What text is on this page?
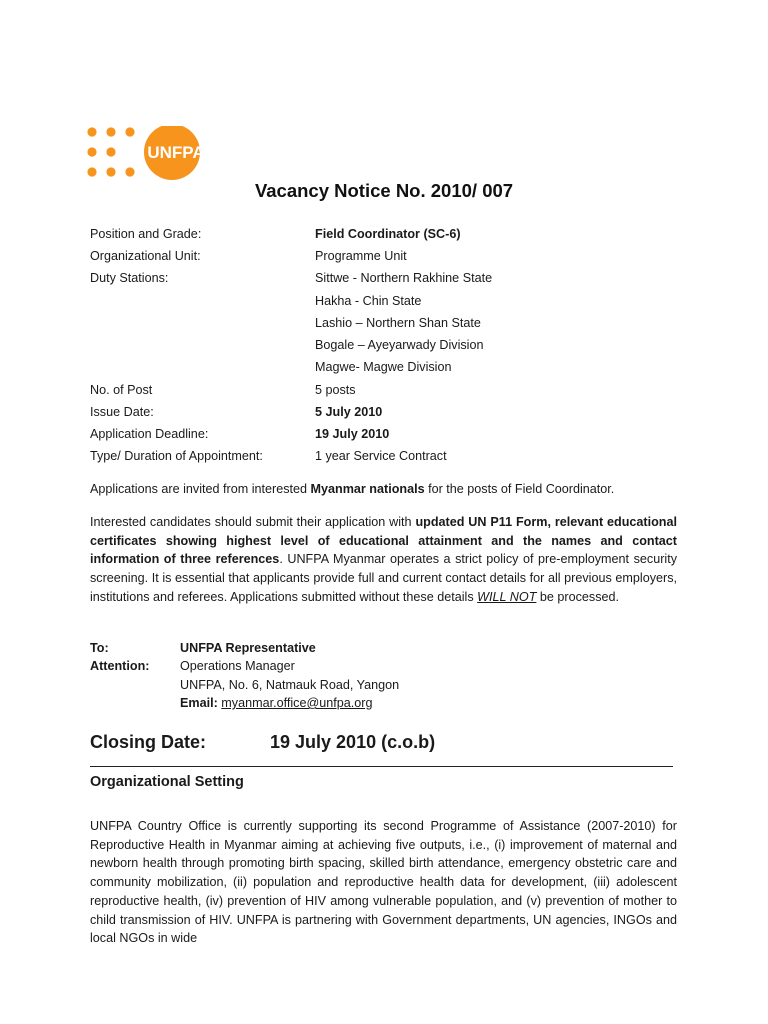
UNFPA
Vacancy Notice No. 2010/ 007
Position and Grade:	Field Coordinator (SC-6)
Organizational Unit:	Programme Unit
Duty Stations:	Sittwe - Northern Rakhine State
Hakha - Chin State
Lashio – Northern Shan State
Bogale – Ayeyarwady Division
Magwe- Magwe Division
No. of Post	5 posts
Issue Date:	5 July 2010
Application Deadline:	19 July 2010
Type/ Duration of Appointment:	1 year Service Contract
Applications are invited from interested Myanmar nationals for the posts of Field Coordinator.
Interested candidates should submit their application with updated UN P11 Form, relevant educational certificates showing highest level of educational attainment and the names and contact information of three references. UNFPA Myanmar operates a strict policy of pre-employment security screening. It is essential that applicants provide full and current contact details for all previous employers, institutions and referees. Applications submitted without these details WILL NOT be processed.
To:	UNFPA Representative
Attention: Operations Manager
UNFPA, No. 6, Natmauk Road, Yangon
Email: myanmar.office@unfpa.org
Closing Date:	19 July 2010 (c.o.b)
Organizational Setting
UNFPA Country Office is currently supporting its second Programme of Assistance (2007-2010) for Reproductive Health in Myanmar aiming at achieving five outputs, i.e., (i) improvement of maternal and newborn health through promoting birth spacing, skilled birth attendance, emergency obstetric care and community mobilization, (ii) population and reproductive health data for development, (iii) adolescent reproductive health, (iv) prevention of HIV among vulnerable population, and (v) prevention of mother to child transmission of HIV. UNFPA is partnering with Government departments, UN agencies, INGOs and local NGOs in wide
